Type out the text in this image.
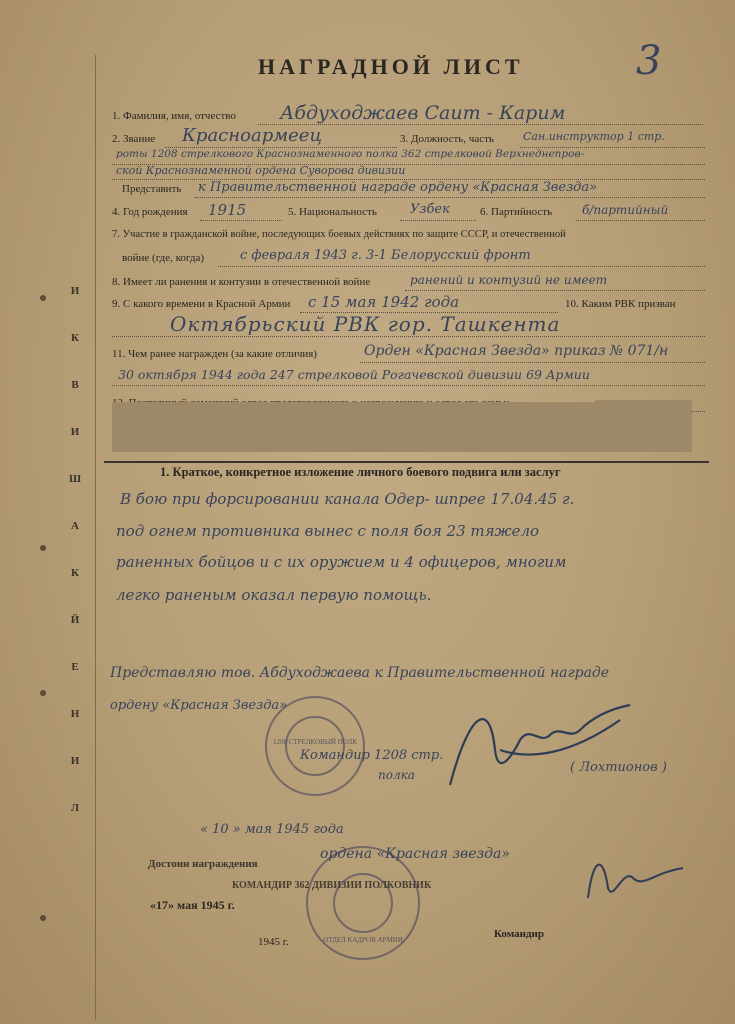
И
К
В
И
Ш
А
К
Й
Е
Н
И
Л
НАГРАДНОЙ ЛИСТ	3
1. Фамилия, имя, отчество Абдуходжаев Саит - Карим
2. Звание Красноармеец	3. Должность, часть	Сан.инструктор 1 стр.
роты 1208 стрелкового Краснознаменного полка 362 стрелковой Верхнеднепров-
ской Краснознаменной ордена Суворова дивизии
Представить к Правительственной награде ордену «Красная Звезда»
4. Год рождения 1915	5. Национальность	Узбек	6. Партийность б/партийный
7. Участие в гражданской войне, последующих боевых действиях по защите СССР, и отечественной
войне (где, когда)	с февраля 1943 г. 3-1 Белорусский фронт
8. Имеет ли ранения и контузии в отечественной войне	ранений и контузий не имеет
9. С какого времени в Красной Армии с 15 мая 1942 года	10. Каким РВК призван
Октябрьский РВК гор. Ташкента
11. Чем ранее награжден (за какие отличия)	Орден «Красная Звезда» приказ № 071/н
30 октября 1944 года 247 стрелковой Рогачевской дивизии 69 Армии
1. Краткое, конкретное изложение личного боевого подвига или заслуг
В бою при форсировании канала Одер- шпрее 17.04.45 г.
под огнем противника вынес с поля боя 23 тяжело
раненных бойцов и с их оружием и 4 офицеров, многим
легко раненым оказал первую помощь.
Представляю тов. Абдуходжаева к Правительственной награде
ордену «Красная Звезда»
1208 СТРЕЛКОВЫЙ ПОЛК
Командир 1208 стр.
полка	( Лохтионов )
« 10 » мая 1945 года
Достоин награждения
ордена «Красная звезда»
КОМАНДИР 362 ДИВИЗИИ ПОЛКОВНИК
«17» мая 1945 г.
ОТДЕЛ КАДРОВ АРМИИ
1945 г.
Командир
